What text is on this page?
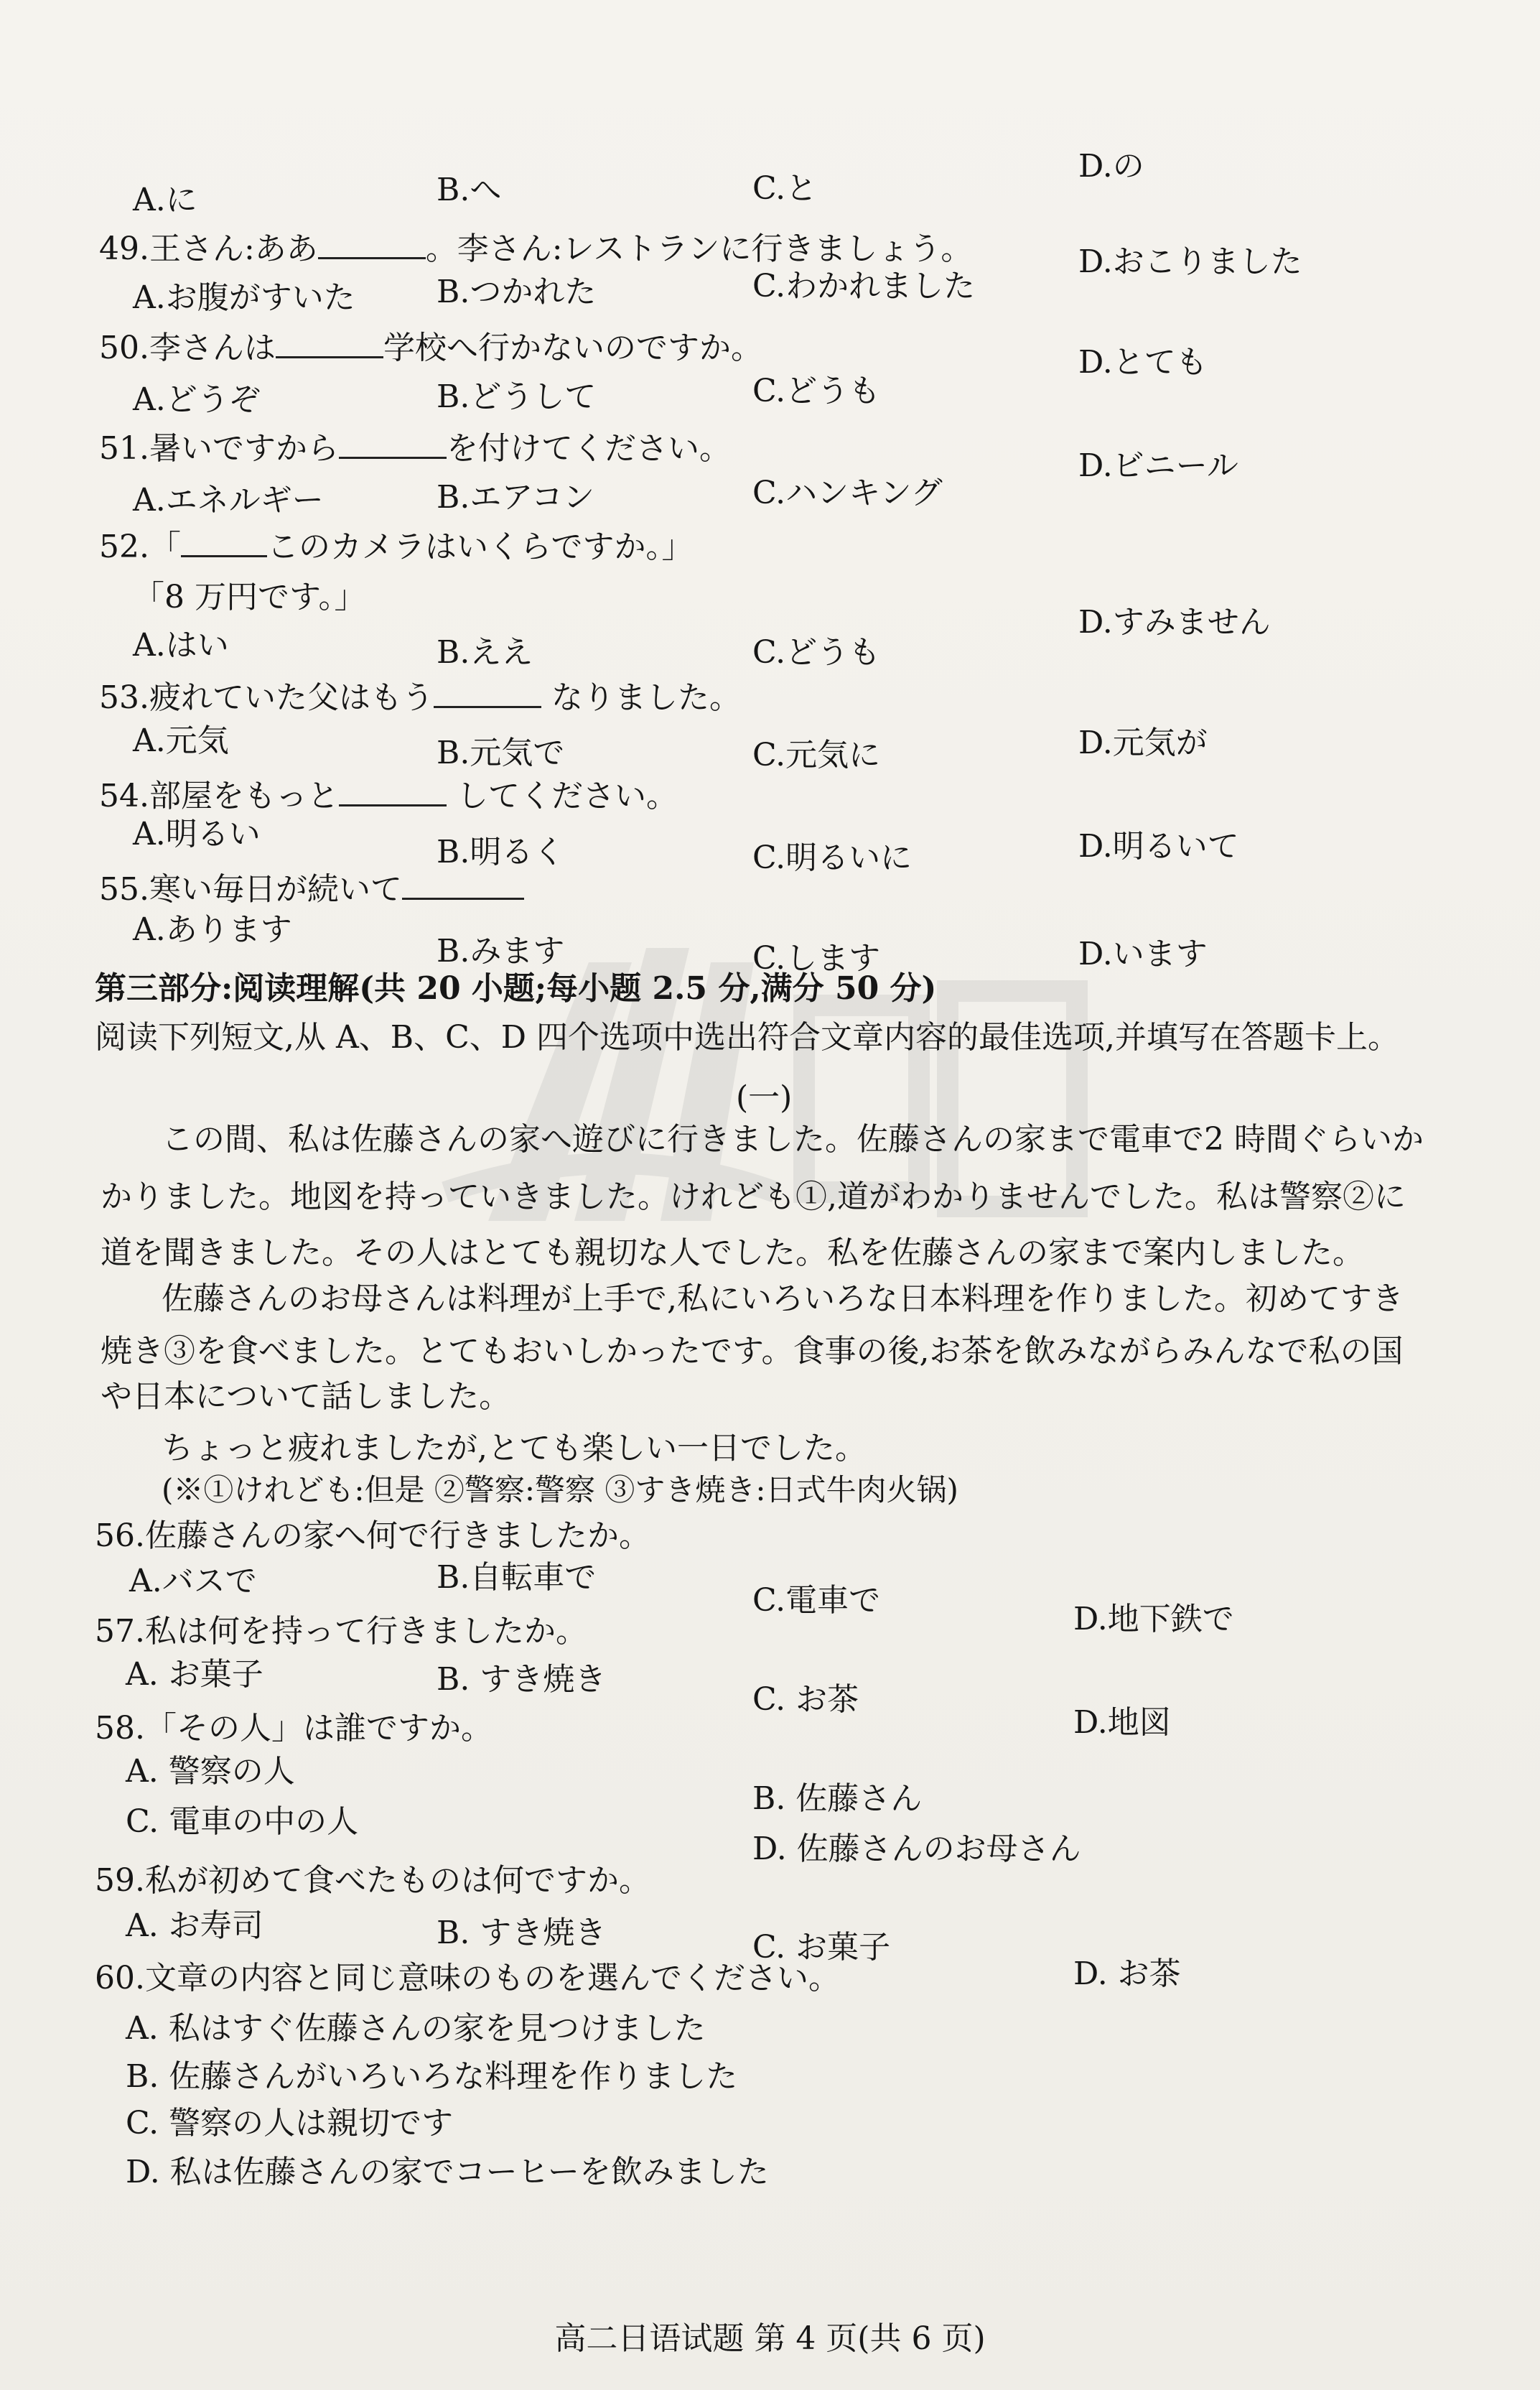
A.に	B.へ	C.と
D.の
49.王さん:ああ	。李さん:レストランに行きましょう。
A.お腹がすいた	B.つかれた	C.わかれました
D.おこりました
50.李さんは	学校へ行かないのですか。
A.どうぞ	B.どうして	C.どうも
D.とても
51.暑いですから	を付けてください。
A.エネルギー	B.エアコン	C.ハンキング
D.ビニール
52.「	このカメラはいくらですか。」
「8 万円です。」
A.はい	B.ええ	C.どうも
D.すみません
53.疲れていた父はもう	なりました。
A.元気	B.元気で	C.元気に	D.元気が
54.部屋をもっと	してください。
A.明るい	B.明るく	C.明るいに	D.明るいて
55.寒い毎日が続いて
A.あります
B.みます	C.します	D.います
第三部分:阅读理解(共 20 小题;每小题 2.5 分,满分 50 分)
阅读下列短文,从 A、B、C、D 四个选项中选出符合文章内容的最佳选项,并填写在答题卡上。
(一)
この間、私は佐藤さんの家へ遊びに行きました。佐藤さんの家まで電車で2 時間ぐらいか
かりました。地図を持っていきました。けれども①,道がわかりませんでした。私は警察②に
道を聞きました。その人はとても親切な人でした。私を佐藤さんの家まで案内しました。
佐藤さんのお母さんは料理が上手で,私にいろいろな日本料理を作りました。初めてすき
焼き③を食べました。とてもおいしかったです。食事の後,お茶を飲みながらみんなで私の国
や日本について話しました。
ちょっと疲れましたが,とても楽しい一日でした。
(※①けれども:但是 ②警察:警察 ③すき焼き:日式牛肉火锅)
56.佐藤さんの家へ何で行きましたか。
A.バスで	B.自転車で
C.電車で
D.地下鉄で
57.私は何を持って行きましたか。
A. お菓子	B. すき焼き
C. お茶
D.地図
58.「その人」は誰ですか。
A. 警察の人
B. 佐藤さん
C. 電車の中の人
D. 佐藤さんのお母さん
59.私が初めて食べたものは何ですか。
A. お寿司	B. すき焼き	C. お菓子
D. お茶
60.文章の内容と同じ意味のものを選んでください。
A. 私はすぐ佐藤さんの家を見つけました
B. 佐藤さんがいろいろな料理を作りました
C. 警察の人は親切です
D. 私は佐藤さんの家でコーヒーを飲みました
高二日语试题 第 4 页(共 6 页)
